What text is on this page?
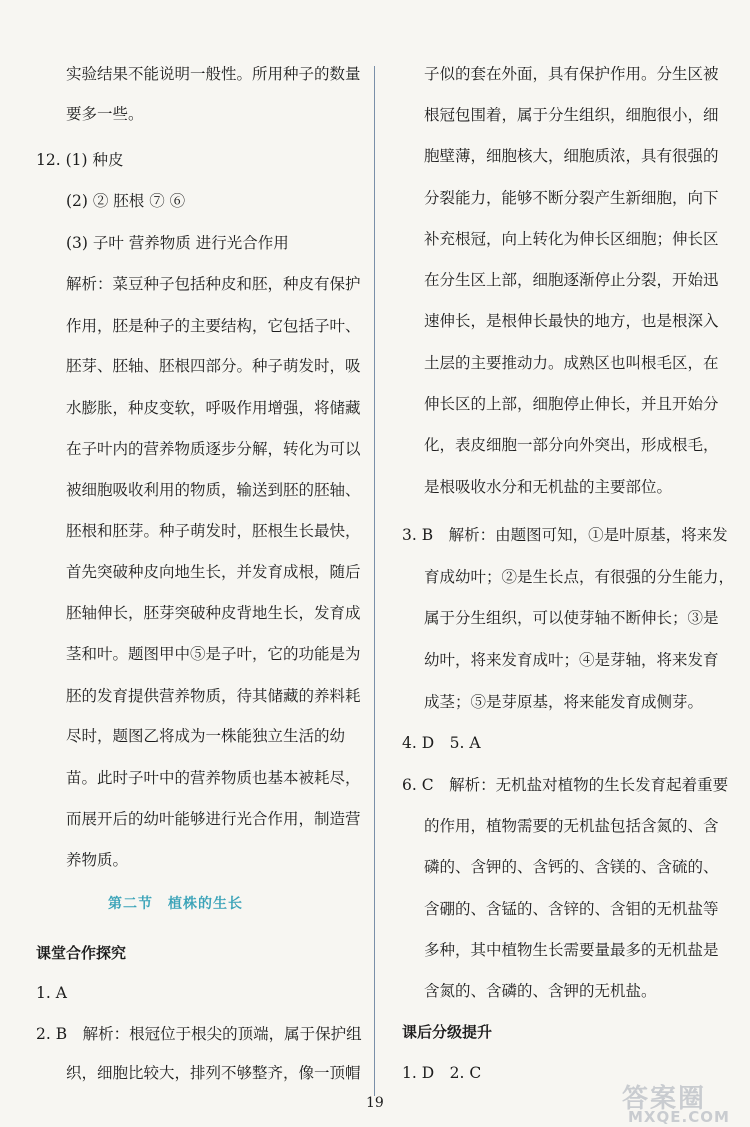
实验结果不能说明一般性。所用种子的数量
要多一些。
12. (1) 种皮
(2) ② 胚根 ⑦ ⑥
(3) 子叶 营养物质 进行光合作用
解析：菜豆种子包括种皮和胚，种皮有保护
作用，胚是种子的主要结构，它包括子叶、
胚芽、胚轴、胚根四部分。种子萌发时，吸
水膨胀，种皮变软，呼吸作用增强，将储藏
在子叶内的营养物质逐步分解，转化为可以
被细胞吸收利用的物质，输送到胚的胚轴、
胚根和胚芽。种子萌发时，胚根生长最快，
首先突破种皮向地生长，并发育成根，随后
胚轴伸长，胚芽突破种皮背地生长，发育成
茎和叶。题图甲中⑤是子叶，它的功能是为
胚的发育提供营养物质，待其储藏的养料耗
尽时，题图乙将成为一株能独立生活的幼
苗。此时子叶中的营养物质也基本被耗尽，
而展开后的幼叶能够进行光合作用，制造营
养物质。
第二节　植株的生长
课堂合作探究
1. A
2. B　解析：根冠位于根尖的顶端，属于保护组
织，细胞比较大，排列不够整齐，像一顶帽
子似的套在外面，具有保护作用。分生区被
根冠包围着，属于分生组织，细胞很小，细
胞壁薄，细胞核大，细胞质浓，具有很强的
分裂能力，能够不断分裂产生新细胞，向下
补充根冠，向上转化为伸长区细胞；伸长区
在分生区上部，细胞逐渐停止分裂，开始迅
速伸长，是根伸长最快的地方，也是根深入
土层的主要推动力。成熟区也叫根毛区，在
伸长区的上部，细胞停止伸长，并且开始分
化，表皮细胞一部分向外突出，形成根毛，
是根吸收水分和无机盐的主要部位。
3. B　解析：由题图可知，①是叶原基，将来发
育成幼叶；②是生长点，有很强的分生能力，
属于分生组织，可以使芽轴不断伸长；③是
幼叶，将来发育成叶；④是芽轴，将来发育
成茎；⑤是芽原基，将来能发育成侧芽。
4. D　5. A
6. C　解析：无机盐对植物的生长发育起着重要
的作用，植物需要的无机盐包括含氮的、含
磷的、含钾的、含钙的、含镁的、含硫的、
含硼的、含锰的、含锌的、含钼的无机盐等
多种，其中植物生长需要量最多的无机盐是
含氮的、含磷的、含钾的无机盐。
课后分级提升
1. D　2. C
19	答案圈
MXQE.COM
